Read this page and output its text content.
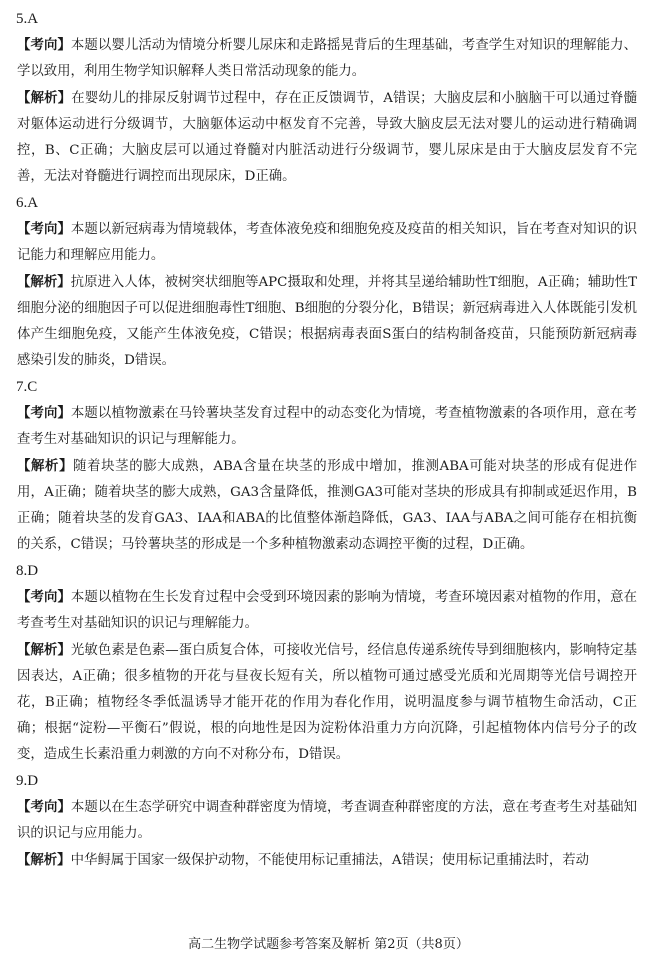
5.A
【考向】本题以婴儿活动为情境分析婴儿尿床和走路摇晃背后的生理基础，考查学生对知识的理解能力、学以致用，利用生物学知识解释人类日常活动现象的能力。
【解析】在婴幼儿的排尿反射调节过程中，存在正反馈调节，A错误；大脑皮层和小脑脑干可以通过脊髓对躯体运动进行分级调节，大脑躯体运动中枢发育不完善，导致大脑皮层无法对婴儿的运动进行精确调控，B、C正确；大脑皮层可以通过脊髓对内脏活动进行分级调节，婴儿尿床是由于大脑皮层发育不完善，无法对脊髓进行调控而出现尿床，D正确。
6.A
【考向】本题以新冠病毒为情境载体，考查体液免疫和细胞免疫及疫苗的相关知识，旨在考查对知识的识记能力和理解应用能力。
【解析】抗原进入人体，被树突状细胞等APC摄取和处理，并将其呈递给辅助性T细胞，A正确；辅助性T细胞分泌的细胞因子可以促进细胞毒性T细胞、B细胞的分裂分化，B错误；新冠病毒进入人体既能引发机体产生细胞免疫，又能产生体液免疫，C错误；根据病毒表面S蛋白的结构制备疫苗，只能预防新冠病毒感染引发的肺炎，D错误。
7.C
【考向】本题以植物激素在马铃薯块茎发育过程中的动态变化为情境，考查植物激素的各项作用，意在考查考生对基础知识的识记与理解能力。
【解析】随着块茎的膨大成熟，ABA含量在块茎的形成中增加，推测ABA可能对块茎的形成有促进作用，A正确；随着块茎的膨大成熟，GA3含量降低，推测GA3可能对茎块的形成具有抑制或延迟作用，B正确；随着块茎的发育GA3、IAA和ABA的比值整体渐趋降低，GA3、IAA与ABA之间可能存在相抗衡的关系，C错误；马铃薯块茎的形成是一个多种植物激素动态调控平衡的过程，D正确。
8.D
【考向】本题以植物在生长发育过程中会受到环境因素的影响为情境，考查环境因素对植物的作用，意在考查考生对基础知识的识记与理解能力。
【解析】光敏色素是色素—蛋白质复合体，可接收光信号，经信息传递系统传导到细胞核内，影响特定基因表达，A正确；很多植物的开花与昼夜长短有关，所以植物可通过感受光质和光周期等光信号调控开花，B正确；植物经冬季低温诱导才能开花的作用为春化作用，说明温度参与调节植物生命活动，C正确；根据“淀粉—平衡石”假说，根的向地性是因为淀粉体沿重力方向沉降，引起植物体内信号分子的改变，造成生长素沿重力刺激的方向不对称分布，D错误。
9.D
【考向】本题以在生态学研究中调查种群密度为情境，考查调查种群密度的方法，意在考查考生对基础知识的识记与应用能力。
【解析】中华鲟属于国家一级保护动物，不能使用标记重捕法，A错误；使用标记重捕法时，若动
高二生物学试题参考答案及解析 第2页（共8页）
